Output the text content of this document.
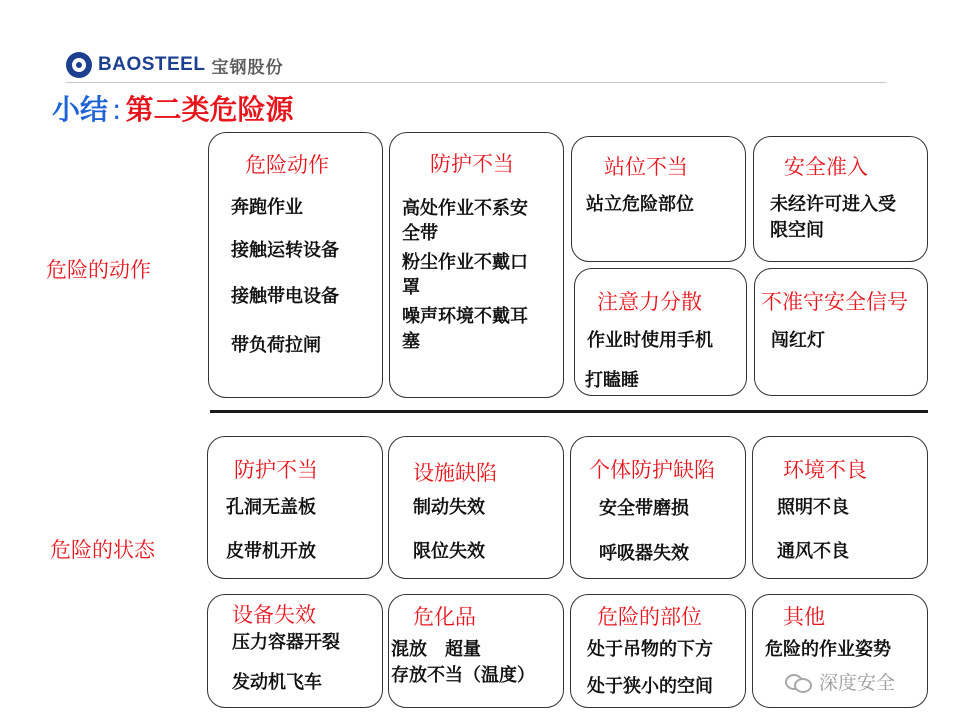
BAOSTEEL 宝钢股份
小结 : 第二类危险源
危险的动作
危险的状态
危险动作
奔跑作业
接触运转设备
接触带电设备
带负荷拉闸
防护不当
高处作业不系安
全带
粉尘作业不戴口
罩
噪声环境不戴耳
塞
站位不当
站立危险部位
安全准入
未经许可进入受
限空间
注意力分散
作业时使用手机
打瞌睡
不准守安全信号
闯红灯
防护不当
孔洞无盖板
皮带机开放
设施缺陷
制动失效
限位失效
个体防护缺陷
安全带磨损
呼吸器失效
环境不良
照明不良
通风不良
设备失效
压力容器开裂
发动机飞车
危化品
混放　超量
存放不当（温度）
危险的部位
处于吊物的下方
处于狭小的空间
其他
危险的作业姿势
深度安全
